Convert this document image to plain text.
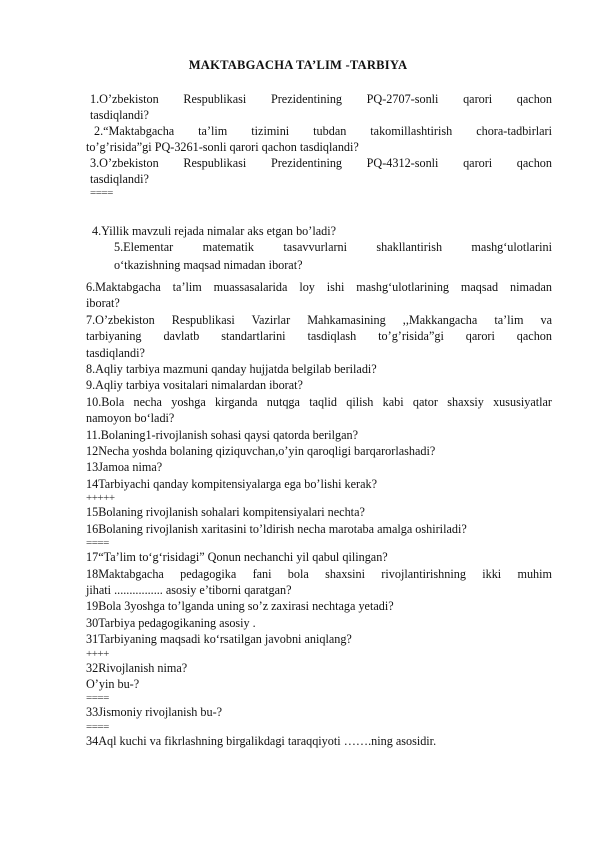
MAKTABGACHA TA’LIM -TARBIYA
1.O’zbekiston Respublikasi Prezidentining PQ-2707-sonli qarori qachon
tasdiqlandi?
2.“Maktabgacha ta’lim tizimini tubdan takomillashtirish chora-tadbirlari
to’g’risida”gi PQ-3261-sonli qarori qachon tasdiqlandi?
3.O’zbekiston Respublikasi Prezidentining PQ-4312-sonli qarori qachon
tasdiqlandi?
====
4.Yillik mavzuli rejada nimalar aks etgan bo’ladi?
5.Elementar matematik tasavvurlarni shakllantirish mashg‘ulotlarini
o‘tkazishning maqsad nimadan iborat?
6.Maktabgacha ta’lim muassasalarida loy ishi mashg‘ulotlarining maqsad nimadan
iborat?
7.O’zbekiston Respublikasi Vazirlar Mahkamasining ,,Makkangacha ta’lim va
tarbiyaning davlatb standartlarini tasdiqlash to’g’risida”gi qarori qachon
tasdiqlandi?
8.Aqliy tarbiya mazmuni qanday hujjatda belgilab beriladi?
9.Aqliy tarbiya vositalari nimalardan iborat?
10.Bola necha yoshga kirganda nutqga taqlid qilish kabi qator shaxsiy xususiyatlar
namoyon bo‘ladi?
11.Bolaning1-rivojlanish sohasi qaysi qatorda berilgan?
12Necha yoshda bolaning qiziquvchan,o’yin qaroqligi barqarorlashadi?
13Jamoa nima?
14Tarbiyachi qanday kompitensiyalarga ega bo’lishi kerak?
+++++
15Bolaning rivojlanish sohalari kompitensiyalari nechta?
16Bolaning rivojlanish xaritasini to’ldirish necha marotaba amalga oshiriladi?
====
17“Ta’lim to‘g‘risidagi” Qonun nechanchi yil qabul qilingan?
18Maktabgacha pedagogika fani bola shaxsini rivojlantirishning ikki muhim
jihati ................ asosiy e’tiborni qaratgan?
19Bola 3yoshga to’lganda uning so’z zaxirasi nechtaga yetadi?
30Tarbiya pedagogikaning asosiy .
31Tarbiyaning maqsadi ko‘rsatilgan javobni aniqlang?
++++
32Rivojlanish nima?
O’yin bu-?
====
33Jismoniy rivojlanish bu-?
====
34Aql kuchi va fikrlashning birgalikdagi taraqqiyoti …….ning asosidir.
